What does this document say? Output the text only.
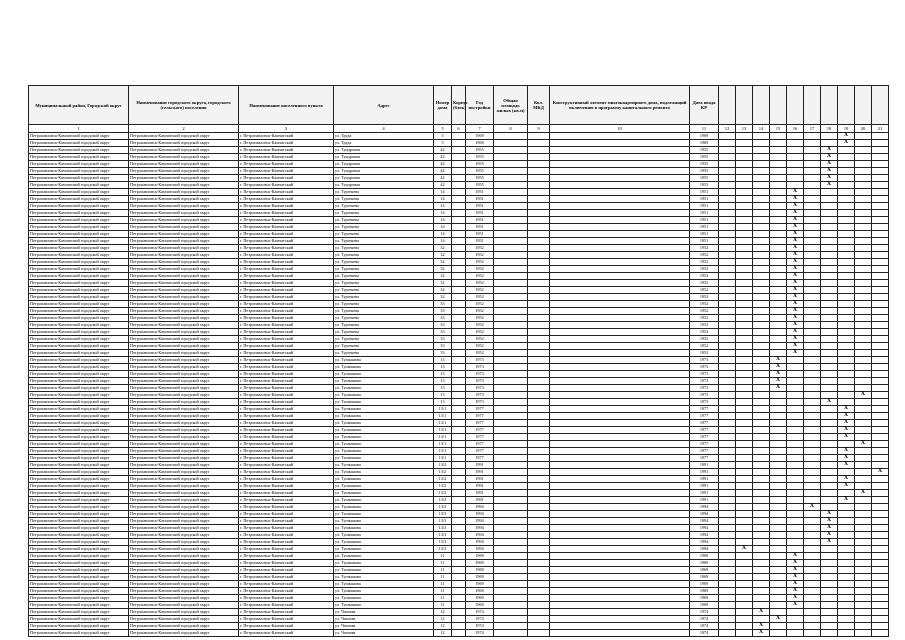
Муниципальный район, Городской округ	Наименование городского округа, городского (сельского) поселения	Наименование населенного пункта	Адрес	Номер дома	Корпус (блок)	Год постройки	Общая площадь жилых (кв.м)	Кол. МКД	Конструктивный элемент многоквартирного дома, подлежащий включению в программу капитального ремонта	Дата ввода КР										
1	2	3	4	5	6	7	8	9	10	11	12	13	14	15	16	17	18	19	20	21
Петропавловск-Камчатский городской округ	Петропавловск-Камчатский городской округ	г. Петропавловск-Камчатский	ул. Труда	5		1969				1969								X		
Петропавловск-Камчатский городской округ	Петропавловск-Камчатский городской округ	г. Петропавловск-Камчатский	ул. Труда	5		1969				1969								X		
Петропавловск-Камчатский городской округ	Петропавловск-Камчатский городской округ	г. Петропавловск-Камчатский	ул. Тундровая	42		1955				1955							X			
Петропавловск-Камчатский городской округ	Петропавловск-Камчатский городской округ	г. Петропавловск-Камчатский	ул. Тундровая	42		1955				1955							X			
Петропавловск-Камчатский городской округ	Петропавловск-Камчатский городской округ	г. Петропавловск-Камчатский	ул. Тундровая	42		1955				1955							X			
Петропавловск-Камчатский городской округ	Петропавловск-Камчатский городской округ	г. Петропавловск-Камчатский	ул. Тундровая	42		1955				1955							X			
Петропавловск-Камчатский городской округ	Петропавловск-Камчатский городской округ	г. Петропавловск-Камчатский	ул. Тундровая	42		1955				1955							X			
Петропавловск-Камчатский городской округ	Петропавловск-Камчатский городской округ	г. Петропавловск-Камчатский	ул. Тундровая	42		1955				1955							X			
Петропавловск-Камчатский городской округ	Петропавловск-Камчатский городской округ	г. Петропавловск-Камчатский	ул. Тургенева	14		1951				1951					X					
Петропавловск-Камчатский городской округ	Петропавловск-Камчатский городской округ	г. Петропавловск-Камчатский	ул. Тургенева	14		1951				1951					X					
Петропавловск-Камчатский городской округ	Петропавловск-Камчатский городской округ	г. Петропавловск-Камчатский	ул. Тургенева	14		1951				1951					X					
Петропавловск-Камчатский городской округ	Петропавловск-Камчатский городской округ	г. Петропавловск-Камчатский	ул. Тургенева	14		1951				1951					X					
Петропавловск-Камчатский городской округ	Петропавловск-Камчатский городской округ	г. Петропавловск-Камчатский	ул. Тургенева	14		1951				1951					X					
Петропавловск-Камчатский городской округ	Петропавловск-Камчатский городской округ	г. Петропавловск-Камчатский	ул. Тургенева	14		1951				1951					X					
Петропавловск-Камчатский городской округ	Петропавловск-Камчатский городской округ	г. Петропавловск-Камчатский	ул. Тургенева	14		1951				1951					X					
Петропавловск-Камчатский городской округ	Петропавловск-Камчатский городской округ	г. Петропавловск-Камчатский	ул. Тургенева	14		1951				1951					X					
Петропавловск-Камчатский городской округ	Петропавловск-Камчатский городской округ	г. Петропавловск-Камчатский	ул. Тургенева	32		1952				1952					X					
Петропавловск-Камчатский городской округ	Петропавловск-Камчатский городской округ	г. Петропавловск-Камчатский	ул. Тургенева	32		1952				1952					X					
Петропавловск-Камчатский городской округ	Петропавловск-Камчатский городской округ	г. Петропавловск-Камчатский	ул. Тургенева	32		1952				1952					X					
Петропавловск-Камчатский городской округ	Петропавловск-Камчатский городской округ	г. Петропавловск-Камчатский	ул. Тургенева	32		1952				1952					X					
Петропавловск-Камчатский городской округ	Петропавловск-Камчатский городской округ	г. Петропавловск-Камчатский	ул. Тургенева	32		1952				1952					X					
Петропавловск-Камчатский городской округ	Петропавловск-Камчатский городской округ	г. Петропавловск-Камчатский	ул. Тургенева	32		1952				1952					X					
Петропавловск-Камчатский городской округ	Петропавловск-Камчатский городской округ	г. Петропавловск-Камчатский	ул. Тургенева	32		1952				1952					X					
Петропавловск-Камчатский городской округ	Петропавловск-Камчатский городской округ	г. Петропавловск-Камчатский	ул. Тургенева	32		1952				1952					X					
Петропавловск-Камчатский городской округ	Петропавловск-Камчатский городской округ	г. Петропавловск-Камчатский	ул. Тургенева	33		1952				1952					X					
Петропавловск-Камчатский городской округ	Петропавловск-Камчатский городской округ	г. Петропавловск-Камчатский	ул. Тургенева	33		1952				1952					X					
Петропавловск-Камчатский городской округ	Петропавловск-Камчатский городской округ	г. Петропавловск-Камчатский	ул. Тургенева	33		1952				1952					X					
Петропавловск-Камчатский городской округ	Петропавловск-Камчатский городской округ	г. Петропавловск-Камчатский	ул. Тургенева	33		1952				1952					X					
Петропавловск-Камчатский городской округ	Петропавловск-Камчатский городской округ	г. Петропавловск-Камчатский	ул. Тургенева	33		1952				1952					X					
Петропавловск-Камчатский городской округ	Петропавловск-Камчатский городской округ	г. Петропавловск-Камчатский	ул. Тургенева	33		1952				1952					X					
Петропавловск-Камчатский городской округ	Петропавловск-Камчатский городской округ	г. Петропавловск-Камчатский	ул. Тургенева	33		1952				1952					X					
Петропавловск-Камчатский городской округ	Петропавловск-Камчатский городской округ	г. Петропавловск-Камчатский	ул. Тургенева	33		1952				1952					X					
Петропавловск-Камчатский городской округ	Петропавловск-Камчатский городской округ	г. Петропавловск-Камчатский	ул. Тушканова	13		1973				1973				X						
Петропавловск-Камчатский городской округ	Петропавловск-Камчатский городской округ	г. Петропавловск-Камчатский	ул. Тушканова	13		1973				1973				X						
Петропавловск-Камчатский городской округ	Петропавловск-Камчатский городской округ	г. Петропавловск-Камчатский	ул. Тушканова	13		1973				1973				X						
Петропавловск-Камчатский городской округ	Петропавловск-Камчатский городской округ	г. Петропавловск-Камчатский	ул. Тушканова	13		1973				1973				X						
Петропавловск-Камчатский городской округ	Петропавловск-Камчатский городской округ	г. Петропавловск-Камчатский	ул. Тушканова	13		1973				1973				X						
Петропавловск-Камчатский городской округ	Петропавловск-Камчатский городской округ	г. Петропавловск-Камчатский	ул. Тушканова	13		1973				1973									X	
Петропавловск-Камчатский городской округ	Петропавловск-Камчатский городской округ	г. Петропавловск-Камчатский	ул. Тушканова	13		1973				1973							X			
Петропавловск-Камчатский городской округ	Петропавловск-Камчатский городской округ	г. Петропавловск-Камчатский	ул. Тушканова	13/1		1977				1977								X		
Петропавловск-Камчатский городской округ	Петропавловск-Камчатский городской округ	г. Петропавловск-Камчатский	ул. Тушканова	13/1		1977				1977								X		
Петропавловск-Камчатский городской округ	Петропавловск-Камчатский городской округ	г. Петропавловск-Камчатский	ул. Тушканова	13/1		1977				1977								X		
Петропавловск-Камчатский городской округ	Петропавловск-Камчатский городской округ	г. Петропавловск-Камчатский	ул. Тушканова	13/1		1977				1977								X		
Петропавловск-Камчатский городской округ	Петропавловск-Камчатский городской округ	г. Петропавловск-Камчатский	ул. Тушканова	13/1		1977				1977								X		
Петропавловск-Камчатский городской округ	Петропавловск-Камчатский городской округ	г. Петропавловск-Камчатский	ул. Тушканова	13/1		1977				1977									X	
Петропавловск-Камчатский городской округ	Петропавловск-Камчатский городской округ	г. Петропавловск-Камчатский	ул. Тушканова	13/1		1977				1977								X		
Петропавловск-Камчатский городской округ	Петропавловск-Камчатский городской округ	г. Петропавловск-Камчатский	ул. Тушканова	13/1		1977				1977								X		
Петропавловск-Камчатский городской округ	Петропавловск-Камчатский городской округ	г. Петропавловск-Камчатский	ул. Тушканова	13/2		1991				1991								X		
Петропавловск-Камчатский городской округ	Петропавловск-Камчатский городской округ	г. Петропавловск-Камчатский	ул. Тушканова	13/2		1991				1991										X
Петропавловск-Камчатский городской округ	Петропавловск-Камчатский городской округ	г. Петропавловск-Камчатский	ул. Тушканова	13/2		1991				1991								X		
Петропавловск-Камчатский городской округ	Петропавловск-Камчатский городской округ	г. Петропавловск-Камчатский	ул. Тушканова	13/2		1991				1991								X		
Петропавловск-Камчатский городской округ	Петропавловск-Камчатский городской округ	г. Петропавловск-Камчатский	ул. Тушканова	13/2		1991				1991									X	
Петропавловск-Камчатский городской округ	Петропавловск-Камчатский городской округ	г. Петропавловск-Камчатский	ул. Тушканова	13/2		1991				1991								X		
Петропавловск-Камчатский городской округ	Петропавловск-Камчатский городской округ	г. Петропавловск-Камчатский	ул. Тушканова	13/3		1994				1994						X				
Петропавловск-Камчатский городской округ	Петропавловск-Камчатский городской округ	г. Петропавловск-Камчатский	ул. Тушканова	13/3		1994				1994							X			
Петропавловск-Камчатский городской округ	Петропавловск-Камчатский городской округ	г. Петропавловск-Камчатский	ул. Тушканова	13/3		1994				1994							X			
Петропавловск-Камчатский городской округ	Петропавловск-Камчатский городской округ	г. Петропавловск-Камчатский	ул. Тушканова	13/3		1994				1994							X			
Петропавловск-Камчатский городской округ	Петропавловск-Камчатский городской округ	г. Петропавловск-Камчатский	ул. Тушканова	13/3		1994				1994							X			
Петропавловск-Камчатский городской округ	Петропавловск-Камчатский городской округ	г. Петропавловск-Камчатский	ул. Тушканова	13/3		1994				1994							X			
Петропавловск-Камчатский городской округ	Петропавловск-Камчатский городской округ	г. Петропавловск-Камчатский	ул. Тушканова	13/3		1994				1994		X								
Петропавловск-Камчатский городской округ	Петропавловск-Камчатский городской округ	г. Петропавловск-Камчатский	ул. Тушканова	11		1969				1969					X					
Петропавловск-Камчатский городской округ	Петропавловск-Камчатский городской округ	г. Петропавловск-Камчатский	ул. Тушканова	11		1969				1969					X					
Петропавловск-Камчатский городской округ	Петропавловск-Камчатский городской округ	г. Петропавловск-Камчатский	ул. Тушканова	11		1969				1969					X					
Петропавловск-Камчатский городской округ	Петропавловск-Камчатский городской округ	г. Петропавловск-Камчатский	ул. Тушканова	11		1969				1969					X					
Петропавловск-Камчатский городской округ	Петропавловск-Камчатский городской округ	г. Петропавловск-Камчатский	ул. Тушканова	11		1969				1969					X					
Петропавловск-Камчатский городской округ	Петропавловск-Камчатский городской округ	г. Петропавловск-Камчатский	ул. Тушканова	11		1969				1969					X					
Петропавловск-Камчатский городской округ	Петропавловск-Камчатский городской округ	г. Петропавловск-Камчатский	ул. Тушканова	11		1969				1969					X					
Петропавловск-Камчатский городской округ	Петропавловск-Камчатский городской округ	г. Петропавловск-Камчатский	ул. Тушканова	11		1969				1969					X					
Петропавловск-Камчатский городской округ	Петропавловск-Камчатский городской округ	г. Петропавловск-Камчатский	ул. Чапаева	12		1974				1974			X							
Петропавловск-Камчатский городской округ	Петропавловск-Камчатский городской округ	г. Петропавловск-Камчатский	ул. Чапаева	12		1974				1974				X						
Петропавловск-Камчатский городской округ	Петропавловск-Камчатский городской округ	г. Петропавловск-Камчатский	ул. Чапаева	12		1974				1974			X							
Петропавловск-Камчатский городской округ	Петропавловск-Камчатский городской округ	г. Петропавловск-Камчатский	ул. Чапаева	12		1974				1974			X							
